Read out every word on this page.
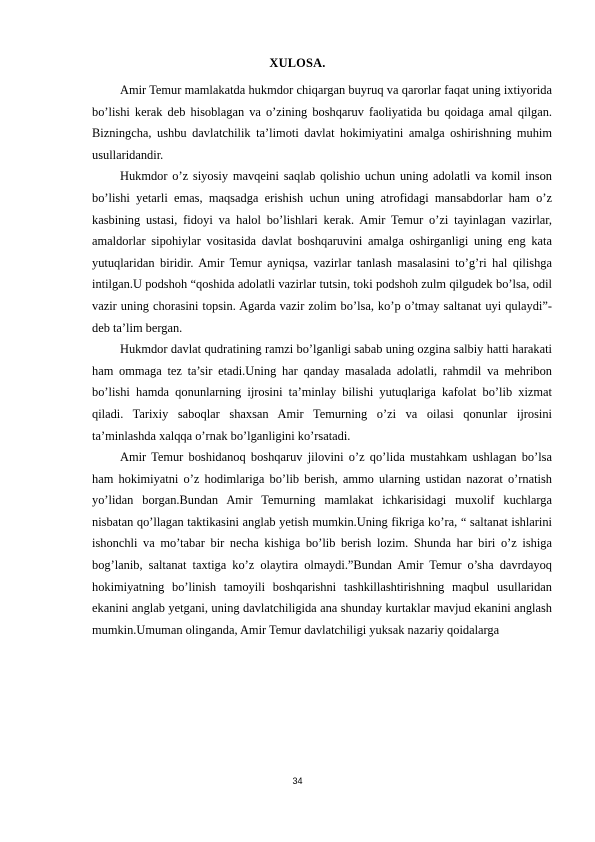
XULOSA.

Amir Temur mamlakatda hukmdor chiqargan buyruq va qarorlar faqat uning ixtiyorida bo’lishi kerak deb hisoblagan va o’zining boshqaruv faoliyatida bu qoidaga amal qilgan. Bizningcha, ushbu davlatchilik ta’limoti davlat hokimiyatini amalga oshirishning muhim usullaridandir.

Hukmdor o’z siyosiy mavqeini saqlab qolishio uchun uning adolatli va komil inson bo’lishi yetarli emas, maqsadga erishish uchun uning atrofidagi mansabdorlar ham o’z kasbining ustasi, fidoyi va halol bo’lishlari kerak. Amir Temur o’zi tayinlagan vazirlar, amaldorlar sipohiylar vositasida davlat boshqaruvini amalga oshirganligi uning eng kata yutuqlaridan biridir. Amir Temur ayniqsa, vazirlar tanlash masalasini to’g’ri hal qilishga intilgan.U podshoh “qoshida adolatli vazirlar tutsin, toki podshoh zulm qilgudek bo’lsa, odil vazir uning chorasini topsin. Agarda vazir zolim bo’lsa, ko’p o’tmay saltanat uyi qulaydi”- deb ta’lim bergan.

Hukmdor davlat qudratining ramzi bo’lganligi sabab uning ozgina salbiy hatti harakati ham ommaga tez ta’sir etadi.Uning har qanday masalada adolatli, rahmdil va mehribon bo’lishi hamda qonunlarning ijrosini ta’minlay bilishi yutuqlariga kafolat bo’lib xizmat qiladi. Tarixiy saboqlar shaxsan Amir Temurning o’zi va oilasi qonunlar ijrosini ta’minlashda xalqqa o’rnak bo’lganligini ko’rsatadi.

Amir Temur boshidanoq boshqaruv jilovini o’z qo’lida mustahkam ushlagan bo’lsa ham hokimiyatni o’z hodimlariga bo’lib berish, ammo ularning ustidan nazorat o’rnatish yo’lidan borgan.Bundan Amir Temurning mamlakat ichkarisidagi muxolif kuchlarga nisbatan qo’llagan taktikasini anglab yetish mumkin.Uning fikriga ko’ra, “ saltanat ishlarini ishonchli va mo’tabar bir necha kishiga bo’lib berish lozim. Shunda har biri o’z ishiga bog’lanib, saltanat taxtiga ko’z olaytira olmaydi.”Bundan Amir Temur o’sha davrdayoq hokimiyatning bo’linish tamoyili boshqarishni tashkillashtirishning maqbul usullaridan ekanini anglab yetgani, uning davlatchiligida ana shunday kurtaklar mavjud ekanini anglash mumkin.Umuman olinganda, Amir Temur davlatchiligi yuksak nazariy qoidalarga

34
